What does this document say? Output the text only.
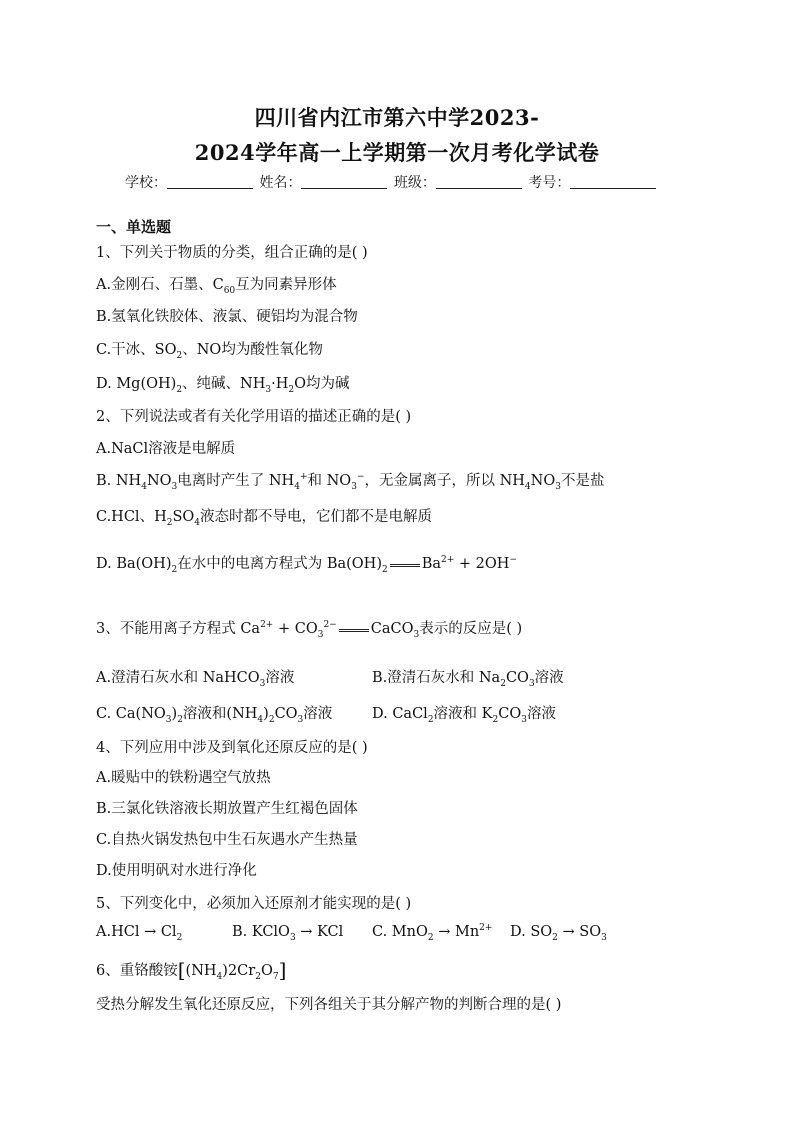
四川省内江市第六中学2023-
2024学年高一上学期第一次月考化学试卷
学校：	姓名：	班级：	考号：
一、单选题
1、下列关于物质的分类，组合正确的是( )
A.金刚石、石墨、$C_{60}$互为同素异形体
B.氢氧化铁胶体、液氯、硬铝均为混合物
C.干冰、$SO_2$、NO均为酸性氧化物
D. $Mg(OH)_2$、纯碱、$NH_3\cdot H_2O$均为碱
2、下列说法或者有关化学用语的描述正确的是( )
A.NaCl溶液是电解质
B. $NH_4NO_3$电离时产生了 $NH_4^+$和 $NO_3^-$，无金属离子，所以 $NH_4NO_3$不是盐
C.HCl、$H_2SO_4$液态时都不导电，它们都不是电解质
D. $Ba(OH)_2$在水中的电离方程式为 $Ba(OH)_2$ $Ba^{2+} + 2OH^-$
3、不能用离子方程式 $Ca^{2+} + CO_3^{2-}$ CaCO$_3$表示的反应是( )
A.澄清石灰水和 NaHCO$_3$溶液	B.澄清石灰水和 $Na_2CO_3$溶液
C. $Ca(NO_3)_2$溶液和$(NH_4)_2CO_3$溶液	D. CaCl$_2$溶液和 $K_2CO_3$溶液
4、下列应用中涉及到氧化还原反应的是( )
A.暖贴中的铁粉遇空气放热
B.三氯化铁溶液长期放置产生红褐色固体
C.自热火锅发热包中生石灰遇水产生热量
D.使用明矾对水进行净化
5、下列变化中，必须加入还原剂才能实现的是( )
$A.HCl \to Cl_2$	B. KClO$_3$ → KCl C. $MnO_2 \to Mn^{2+}$ D. $SO_2 \to SO_3$
6、重铬酸铵$[(NH_4)2Cr_2O_7]$
受热分解发生氧化还原反应，下列各组关于其分解产物的判断合理的是( )
